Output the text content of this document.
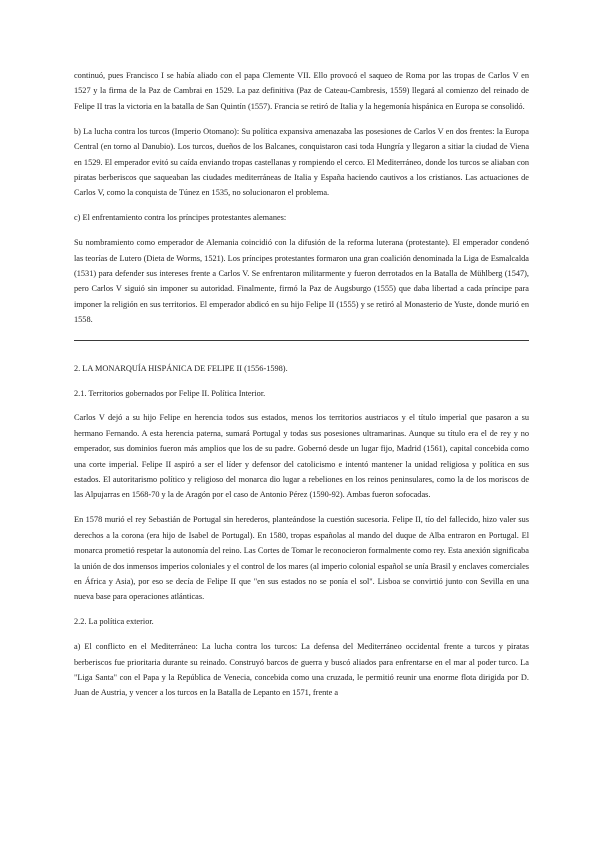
continuó, pues Francisco I se había aliado con el papa Clemente VII. Ello provocó el saqueo de Roma por las tropas de Carlos V en 1527 y la firma de la Paz de Cambrai en 1529. La paz definitiva (Paz de Cateau-Cambresis, 1559) llegará al comienzo del reinado de Felipe II tras la victoria en la batalla de San Quintín (1557). Francia se retiró de Italia y la hegemonía hispánica en Europa se consolidó.

b) La lucha contra los turcos (Imperio Otomano): Su política expansiva amenazaba las posesiones de Carlos V en dos frentes: la Europa Central (en torno al Danubio). Los turcos, dueños de los Balcanes, conquistaron casi toda Hungría y llegaron a sitiar la ciudad de Viena en 1529. El emperador evitó su caída enviando tropas castellanas y rompiendo el cerco. El Mediterráneo, donde los turcos se aliaban con piratas berberiscos que saqueaban las ciudades mediterráneas de Italia y España haciendo cautivos a los cristianos. Las actuaciones de Carlos V, como la conquista de Túnez en 1535, no solucionaron el problema.

c) El enfrentamiento contra los príncipes protestantes alemanes:

Su nombramiento como emperador de Alemania coincidió con la difusión de la reforma luterana (protestante). El emperador condenó las teorías de Lutero (Dieta de Worms, 1521). Los príncipes protestantes formaron una gran coalición denominada la Liga de Esmalcalda (1531) para defender sus intereses frente a Carlos V. Se enfrentaron militarmente y fueron derrotados en la Batalla de Mühlberg (1547), pero Carlos V siguió sin imponer su autoridad. Finalmente, firmó la Paz de Augsburgo (1555) que daba libertad a cada príncipe para imponer la religión en sus territorios. El emperador abdicó en su hijo Felipe II (1555) y se retiró al Monasterio de Yuste, donde murió en 1558.

2. LA MONARQUÍA HISPÁNICA DE FELIPE II (1556-1598).

2.1. Territorios gobernados por Felipe II. Política Interior.

Carlos V dejó a su hijo Felipe en herencia todos sus estados, menos los territorios austriacos y el título imperial que pasaron a su hermano Fernando. A esta herencia paterna, sumará Portugal y todas sus posesiones ultramarinas. Aunque su título era el de rey y no emperador, sus dominios fueron más amplios que los de su padre. Gobernó desde un lugar fijo, Madrid (1561), capital concebida como una corte imperial. Felipe II aspiró a ser el líder y defensor del catolicismo e intentó mantener la unidad religiosa y política en sus estados. El autoritarismo político y religioso del monarca dio lugar a rebeliones en los reinos peninsulares, como la de los moriscos de las Alpujarras en 1568-70 y la de Aragón por el caso de Antonio Pérez (1590-92). Ambas fueron sofocadas.

En 1578 murió el rey Sebastián de Portugal sin herederos, planteándose la cuestión sucesoria. Felipe II, tío del fallecido, hizo valer sus derechos a la corona (era hijo de Isabel de Portugal). En 1580, tropas españolas al mando del duque de Alba entraron en Portugal. El monarca prometió respetar la autonomía del reino. Las Cortes de Tomar le reconocieron formalmente como rey. Esta anexión significaba la unión de dos inmensos imperios coloniales y el control de los mares (al imperio colonial español se unía Brasil y enclaves comerciales en África y Asia), por eso se decía de Felipe II que "en sus estados no se ponía el sol". Lisboa se convirtió junto con Sevilla en una nueva base para operaciones atlánticas.

2.2. La política exterior.

a) El conflicto en el Mediterráneo: La lucha contra los turcos: La defensa del Mediterráneo occidental frente a turcos y piratas berberiscos fue prioritaria durante su reinado. Construyó barcos de guerra y buscó aliados para enfrentarse en el mar al poder turco. La "Liga Santa" con el Papa y la República de Venecia, concebida como una cruzada, le permitió reunir una enorme flota dirigida por D. Juan de Austria, y vencer a los turcos en la Batalla de Lepanto en 1571, frente a
